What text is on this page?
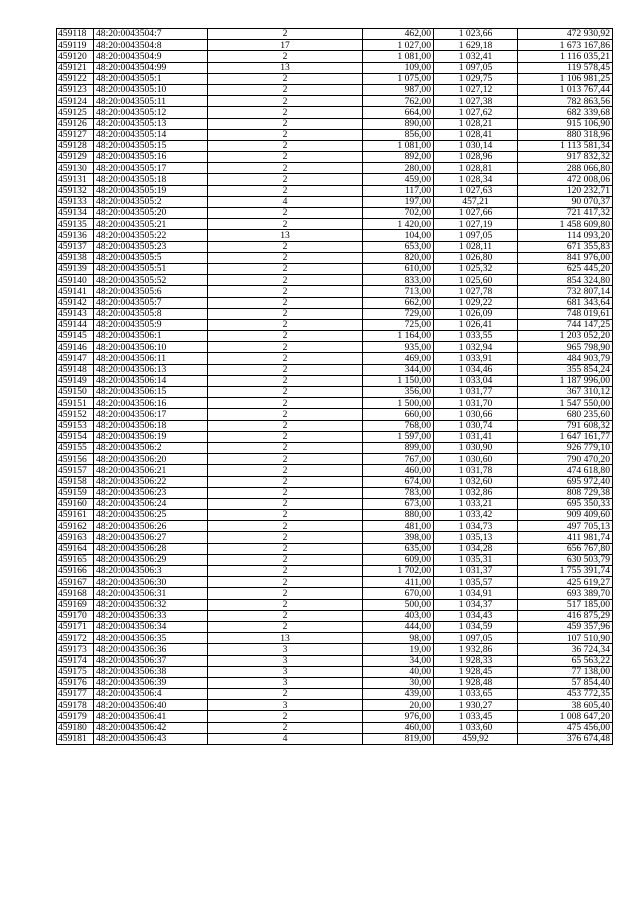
459118	48:20:0043504:7	2	462,00	1 023,66	472 930,92
459119	48:20:0043504:8	17	1 027,00	1 629,18	1 673 167,86
459120	48:20:0043504:9	2	1 081,00	1 032,41	1 116 035,21
459121	48:20:0043504:99	13	109,00	1 097,05	119 578,45
459122	48:20:0043505:1	2	1 075,00	1 029,75	1 106 981,25
459123	48:20:0043505:10	2	987,00	1 027,12	1 013 767,44
459124	48:20:0043505:11	2	762,00	1 027,38	782 863,56
459125	48:20:0043505:12	2	664,00	1 027,62	682 339,68
459126	48:20:0043505:13	2	890,00	1 028,21	915 106,90
459127	48:20:0043505:14	2	856,00	1 028,41	880 318,96
459128	48:20:0043505:15	2	1 081,00	1 030,14	1 113 581,34
459129	48:20:0043505:16	2	892,00	1 028,96	917 832,32
459130	48:20:0043505:17	2	280,00	1 028,81	288 066,80
459131	48:20:0043505:18	2	459,00	1 028,34	472 008,06
459132	48:20:0043505:19	2	117,00	1 027,63	120 232,71
459133	48:20:0043505:2	4	197,00	457,21	90 070,37
459134	48:20:0043505:20	2	702,00	1 027,66	721 417,32
459135	48:20:0043505:21	2	1 420,00	1 027,19	1 458 609,80
459136	48:20:0043505:22	13	104,00	1 097,05	114 093,20
459137	48:20:0043505:23	2	653,00	1 028,11	671 355,83
459138	48:20:0043505:5	2	820,00	1 026,80	841 976,00
459139	48:20:0043505:51	2	610,00	1 025,32	625 445,20
459140	48:20:0043505:52	2	833,00	1 025,60	854 324,80
459141	48:20:0043505:6	2	713,00	1 027,78	732 807,14
459142	48:20:0043505:7	2	662,00	1 029,22	681 343,64
459143	48:20:0043505:8	2	729,00	1 026,09	748 019,61
459144	48:20:0043505:9	2	725,00	1 026,41	744 147,25
459145	48:20:0043506:1	2	1 164,00	1 033,55	1 203 052,20
459146	48:20:0043506:10	2	935,00	1 032,94	965 798,90
459147	48:20:0043506:11	2	469,00	1 033,91	484 903,79
459148	48:20:0043506:13	2	344,00	1 034,46	355 854,24
459149	48:20:0043506:14	2	1 150,00	1 033,04	1 187 996,00
459150	48:20:0043506:15	2	356,00	1 031,77	367 310,12
459151	48:20:0043506:16	2	1 500,00	1 031,70	1 547 550,00
459152	48:20:0043506:17	2	660,00	1 030,66	680 235,60
459153	48:20:0043506:18	2	768,00	1 030,74	791 608,32
459154	48:20:0043506:19	2	1 597,00	1 031,41	1 647 161,77
459155	48:20:0043506:2	2	899,00	1 030,90	926 779,10
459156	48:20:0043506:20	2	767,00	1 030,60	790 470,20
459157	48:20:0043506:21	2	460,00	1 031,78	474 618,80
459158	48:20:0043506:22	2	674,00	1 032,60	695 972,40
459159	48:20:0043506:23	2	783,00	1 032,86	808 729,38
459160	48:20:0043506:24	2	673,00	1 033,21	695 350,33
459161	48:20:0043506:25	2	880,00	1 033,42	909 409,60
459162	48:20:0043506:26	2	481,00	1 034,73	497 705,13
459163	48:20:0043506:27	2	398,00	1 035,13	411 981,74
459164	48:20:0043506:28	2	635,00	1 034,28	656 767,80
459165	48:20:0043506:29	2	609,00	1 035,31	630 503,79
459166	48:20:0043506:3	2	1 702,00	1 031,37	1 755 391,74
459167	48:20:0043506:30	2	411,00	1 035,57	425 619,27
459168	48:20:0043506:31	2	670,00	1 034,91	693 389,70
459169	48:20:0043506:32	2	500,00	1 034,37	517 185,00
459170	48:20:0043506:33	2	403,00	1 034,43	416 875,29
459171	48:20:0043506:34	2	444,00	1 034,59	459 357,96
459172	48:20:0043506:35	13	98,00	1 097,05	107 510,90
459173	48:20:0043506:36	3	19,00	1 932,86	36 724,34
459174	48:20:0043506:37	3	34,00	1 928,33	65 563,22
459175	48:20:0043506:38	3	40,00	1 928,45	77 138,00
459176	48:20:0043506:39	3	30,00	1 928,48	57 854,40
459177	48:20:0043506:4	2	439,00	1 033,65	453 772,35
459178	48:20:0043506:40	3	20,00	1 930,27	38 605,40
459179	48:20:0043506:41	2	976,00	1 033,45	1 008 647,20
459180	48:20:0043506:42	2	460,00	1 033,60	475 456,00
459181	48:20:0043506:43	4	819,00	459,92	376 674,48
